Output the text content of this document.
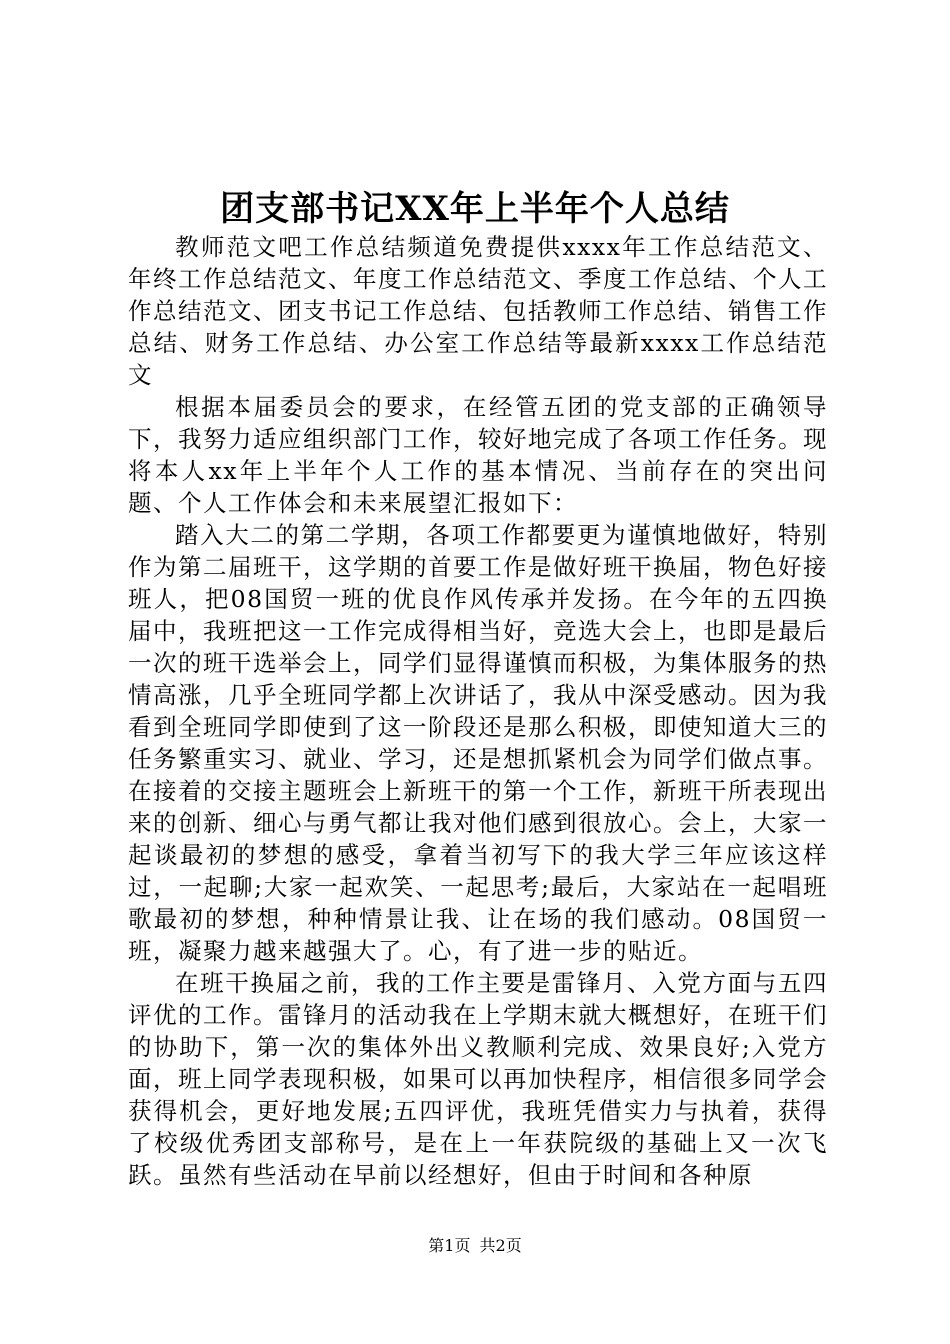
团支部书记XX年上半年个人总结

教师范文吧工作总结频道免费提供xxxx年工作总结范文、年终工作总结范文、年度工作总结范文、季度工作总结、个人工作总结范文、团支书记工作总结、包括教师工作总结、销售工作总结、财务工作总结、办公室工作总结等最新xxxx工作总结范文

根据本届委员会的要求，在经管五团的党支部的正确领导下，我努力适应组织部门工作，较好地完成了各项工作任务。现将本人xx年上半年个人工作的基本情况、当前存在的突出问题、个人工作体会和未来展望汇报如下：

踏入大二的第二学期，各项工作都要更为谨慎地做好，特别作为第二届班干，这学期的首要工作是做好班干换届，物色好接班人，把08国贸一班的优良作风传承并发扬。在今年的五四换届中，我班把这一工作完成得相当好，竞选大会上，也即是最后一次的班干选举会上，同学们显得谨慎而积极，为集体服务的热情高涨，几乎全班同学都上次讲话了，我从中深受感动。因为我看到全班同学即使到了这一阶段还是那么积极，即使知道大三的任务繁重实习、就业、学习，还是想抓紧机会为同学们做点事。在接着的交接主题班会上新班干的第一个工作，新班干所表现出来的创新、细心与勇气都让我对他们感到很放心。会上，大家一起谈最初的梦想的感受，拿着当初写下的我大学三年应该这样过，一起聊;大家一起欢笑、一起思考;最后，大家站在一起唱班歌最初的梦想，种种情景让我、让在场的我们感动。08国贸一班，凝聚力越来越强大了。心，有了进一步的贴近。

在班干换届之前，我的工作主要是雷锋月、入党方面与五四评优的工作。雷锋月的活动我在上学期末就大概想好，在班干们的协助下，第一次的集体外出义教顺利完成、效果良好;入党方面，班上同学表现积极，如果可以再加快程序，相信很多同学会获得机会，更好地发展;五四评优，我班凭借实力与执着，获得了校级优秀团支部称号，是在上一年获院级的基础上又一次飞跃。虽然有些活动在早前以经想好，但由于时间和各种原

第1页 共2页
